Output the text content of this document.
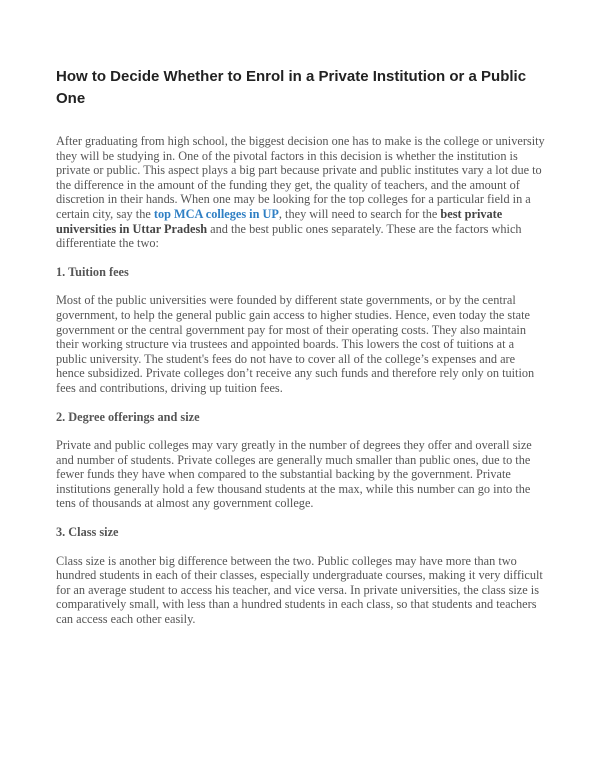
How to Decide Whether to Enrol in a Private Institution or a Public One

After graduating from high school, the biggest decision one has to make is the college or university they will be studying in. One of the pivotal factors in this decision is whether the institution is private or public. This aspect plays a big part because private and public institutes vary a lot due to the difference in the amount of the funding they get, the quality of teachers, and the amount of discretion in their hands. When one may be looking for the top colleges for a particular field in a certain city, say the top MCA colleges in UP, they will need to search for the best private universities in Uttar Pradesh and the best public ones separately. These are the factors which differentiate the two:

1. Tuition fees

Most of the public universities were founded by different state governments, or by the central government, to help the general public gain access to higher studies. Hence, even today the state government or the central government pay for most of their operating costs. They also maintain their working structure via trustees and appointed boards. This lowers the cost of tuitions at a public university. The student's fees do not have to cover all of the college’s expenses and are hence subsidized. Private colleges don’t receive any such funds and therefore rely only on tuition fees and contributions, driving up tuition fees.

2. Degree offerings and size

Private and public colleges may vary greatly in the number of degrees they offer and overall size and number of students. Private colleges are generally much smaller than public ones, due to the fewer funds they have when compared to the substantial backing by the government. Private institutions generally hold a few thousand students at the max, while this number can go into the tens of thousands at almost any government college.

3. Class size

Class size is another big difference between the two. Public colleges may have more than two hundred students in each of their classes, especially undergraduate courses, making it very difficult for an average student to access his teacher, and vice versa. In private universities, the class size is comparatively small, with less than a hundred students in each class, so that students and teachers can access each other easily.
